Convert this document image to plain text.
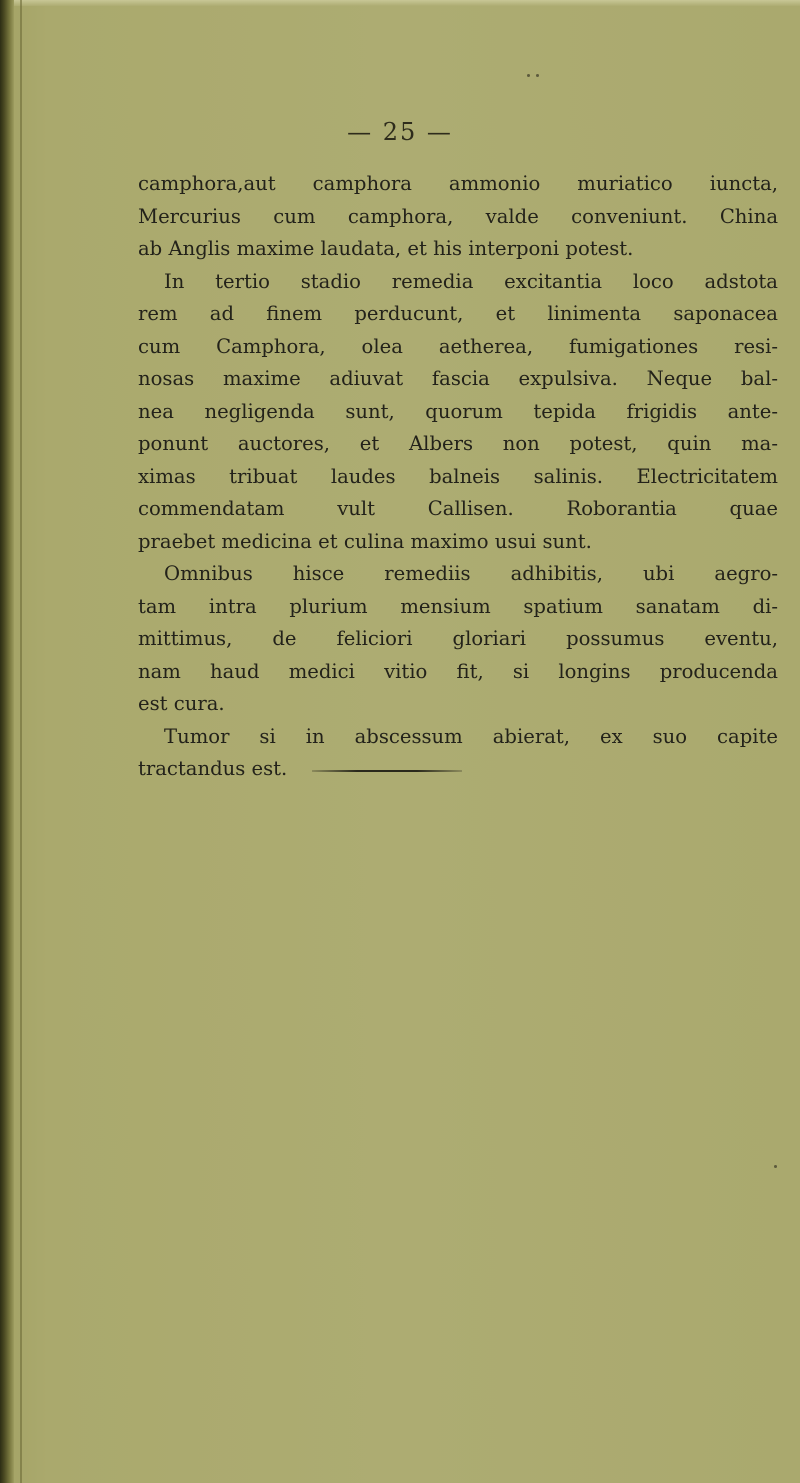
— 25 —

camphora,aut camphora ammonio muriatico iuncta,
Mercurius cum camphora, valde conveniunt. China
ab Anglis maxime laudata, et his interponi potest.

In tertio stadio remedia excitantia loco adstota
rem ad finem perducunt, et linimenta saponacea
cum Camphora, olea aetherea, fumigationes resi-
nosas maxime adiuvat fascia expulsiva. Neque bal-
nea negligenda sunt, quorum tepida frigidis ante-
ponunt auctores, et Albers non potest, quin ma-
ximas tribuat laudes balneis salinis. Electricitatem
commendatam vult Callisen. Roborantia quae
praebet medicina et culina maximo usui sunt.

Omnibus hisce remediis adhibitis, ubi aegro-
tam intra plurium mensium spatium sanatam di-
mittimus, de feliciori gloriari possumus eventu,
nam haud medici vitio fit, si longins producenda
est cura.

Tumor si in abscessum abierat, ex suo capite
tractandus est.
